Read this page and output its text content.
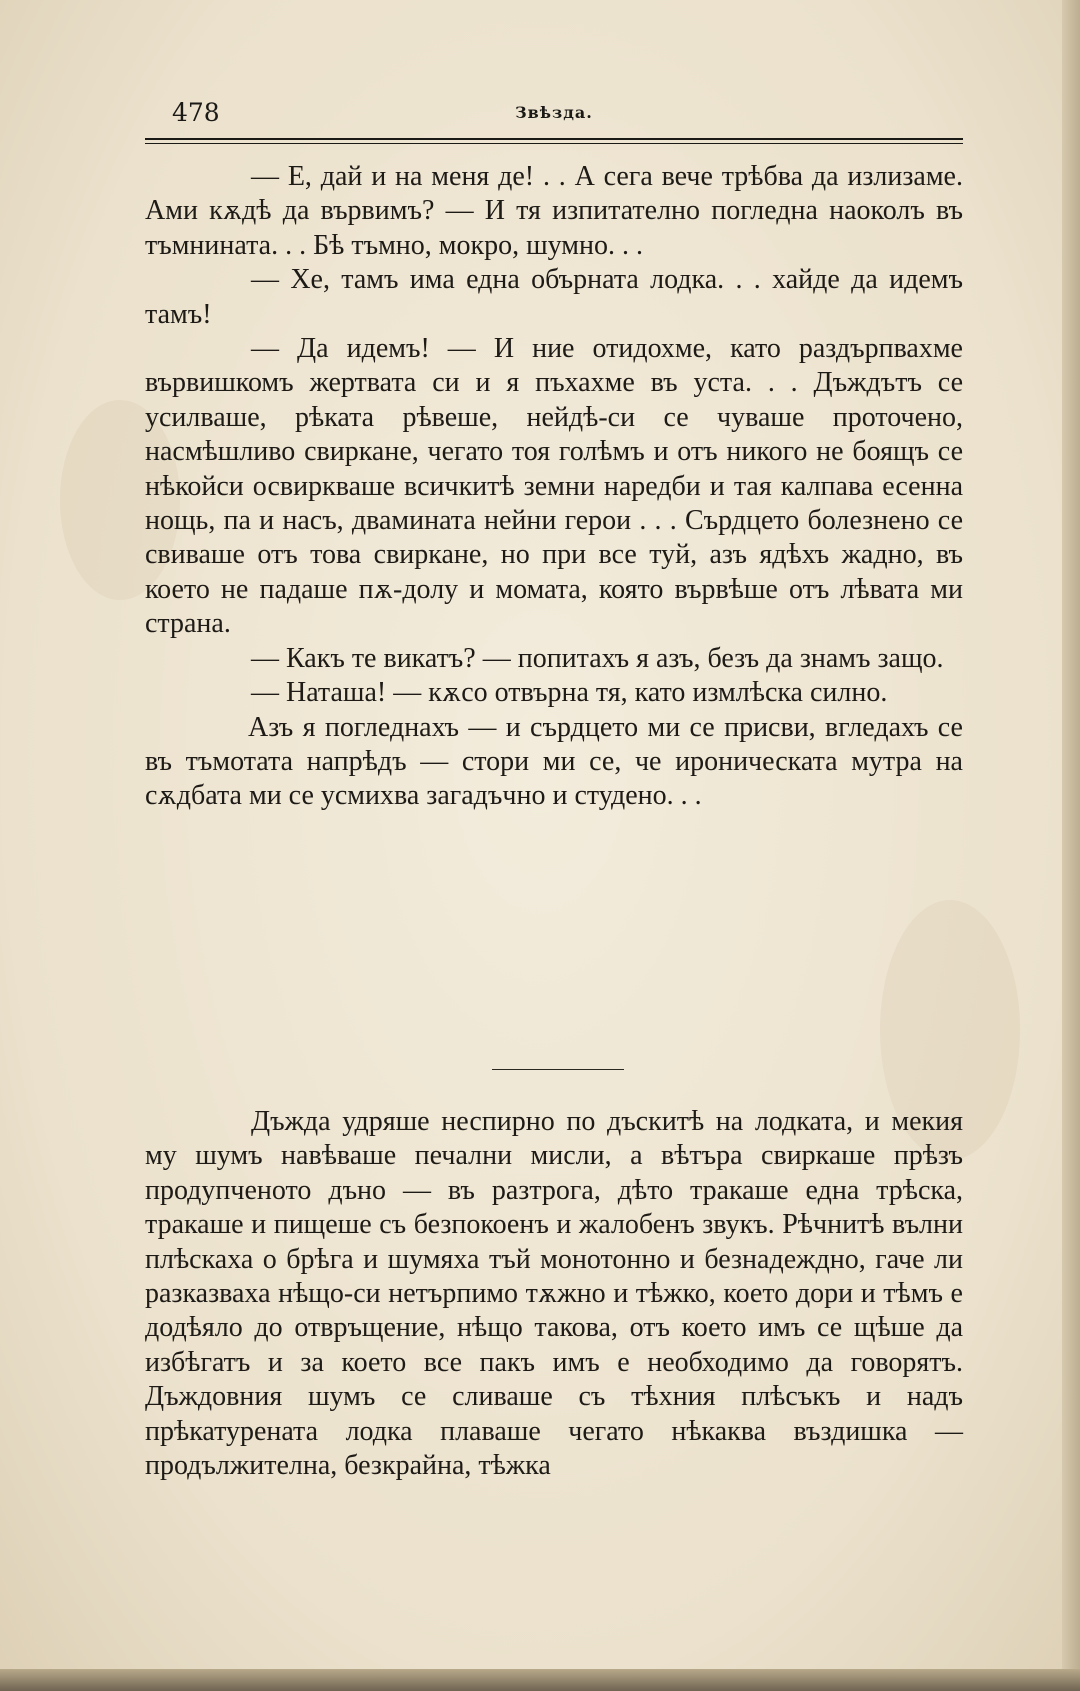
478	Звѣзда.

— Е, дай и на меня де! . . А сега вече трѣбва да излизаме. Ами кѫдѣ да вървимъ? — И тя изпитателно погледна наоколъ въ тъмнината. . . Бѣ тъмно, мокро, шумно. . .

— Хе, тамъ има една обърната лодка. . . хайде да идемъ тамъ!

— Да идемъ! — И ние отидохме, като раздърпвахме вървишкомъ жертвата си и я пъхахме въ уста. . . Дъждътъ се усилваше, рѣката рѣвеше, нейдѣ-си се чуваше проточено, насмѣшливо свиркане, чегато тоя голѣмъ и отъ никого не боящъ се нѣкойси освиркваше всичкитѣ земни наредби и тая калпава есенна нощь, па и насъ, двамината нейни герои . . . Сърдцето болезнено се свиваше отъ това свиркане, но при все туй, азъ ядѣхъ жадно, въ което не падаше пѫ-долу и момата, която вървѣше отъ лѣвата ми страна.

— Какъ те викатъ? — попитахъ я азъ, безъ да знамъ защо.

— Наташа! — кѫсо отвърна тя, като измлѣска силно.

Азъ я погледнахъ — и сърдцето ми се присви, вгледахъ се въ тъмотата напрѣдъ — стори ми се, че ироническата мутра на сѫдбата ми се усмихва загадъчно и студено. . .

Дъжда удряше неспирно по дъскитѣ на лодката, и мекия му шумъ навѣваше печални мисли, а вѣтъра свиркаше прѣзъ продупченото дъно — въ разтрога, дѣто тракаше една трѣска, тракаше и пищеше съ безпокоенъ и жалобенъ звукъ. Рѣчнитѣ вълни плѣскаха о брѣга и шумяха тъй монотонно и безнадеждно, гаче ли разказваха нѣщо-си нетърпимо тѫжно и тѣжко, което дори и тѣмъ е додѣяло до отвръщение, нѣщо такова, отъ което имъ се щѣше да избѣгатъ и за което все пакъ имъ е необходимо да говорятъ. Дъждовния шумъ се сливаше съ тѣхния плѣсъкъ и надъ прѣкатурената лодка плаваше чегато нѣкаква въздишка — продължителна, безкрайна, тѣжка
